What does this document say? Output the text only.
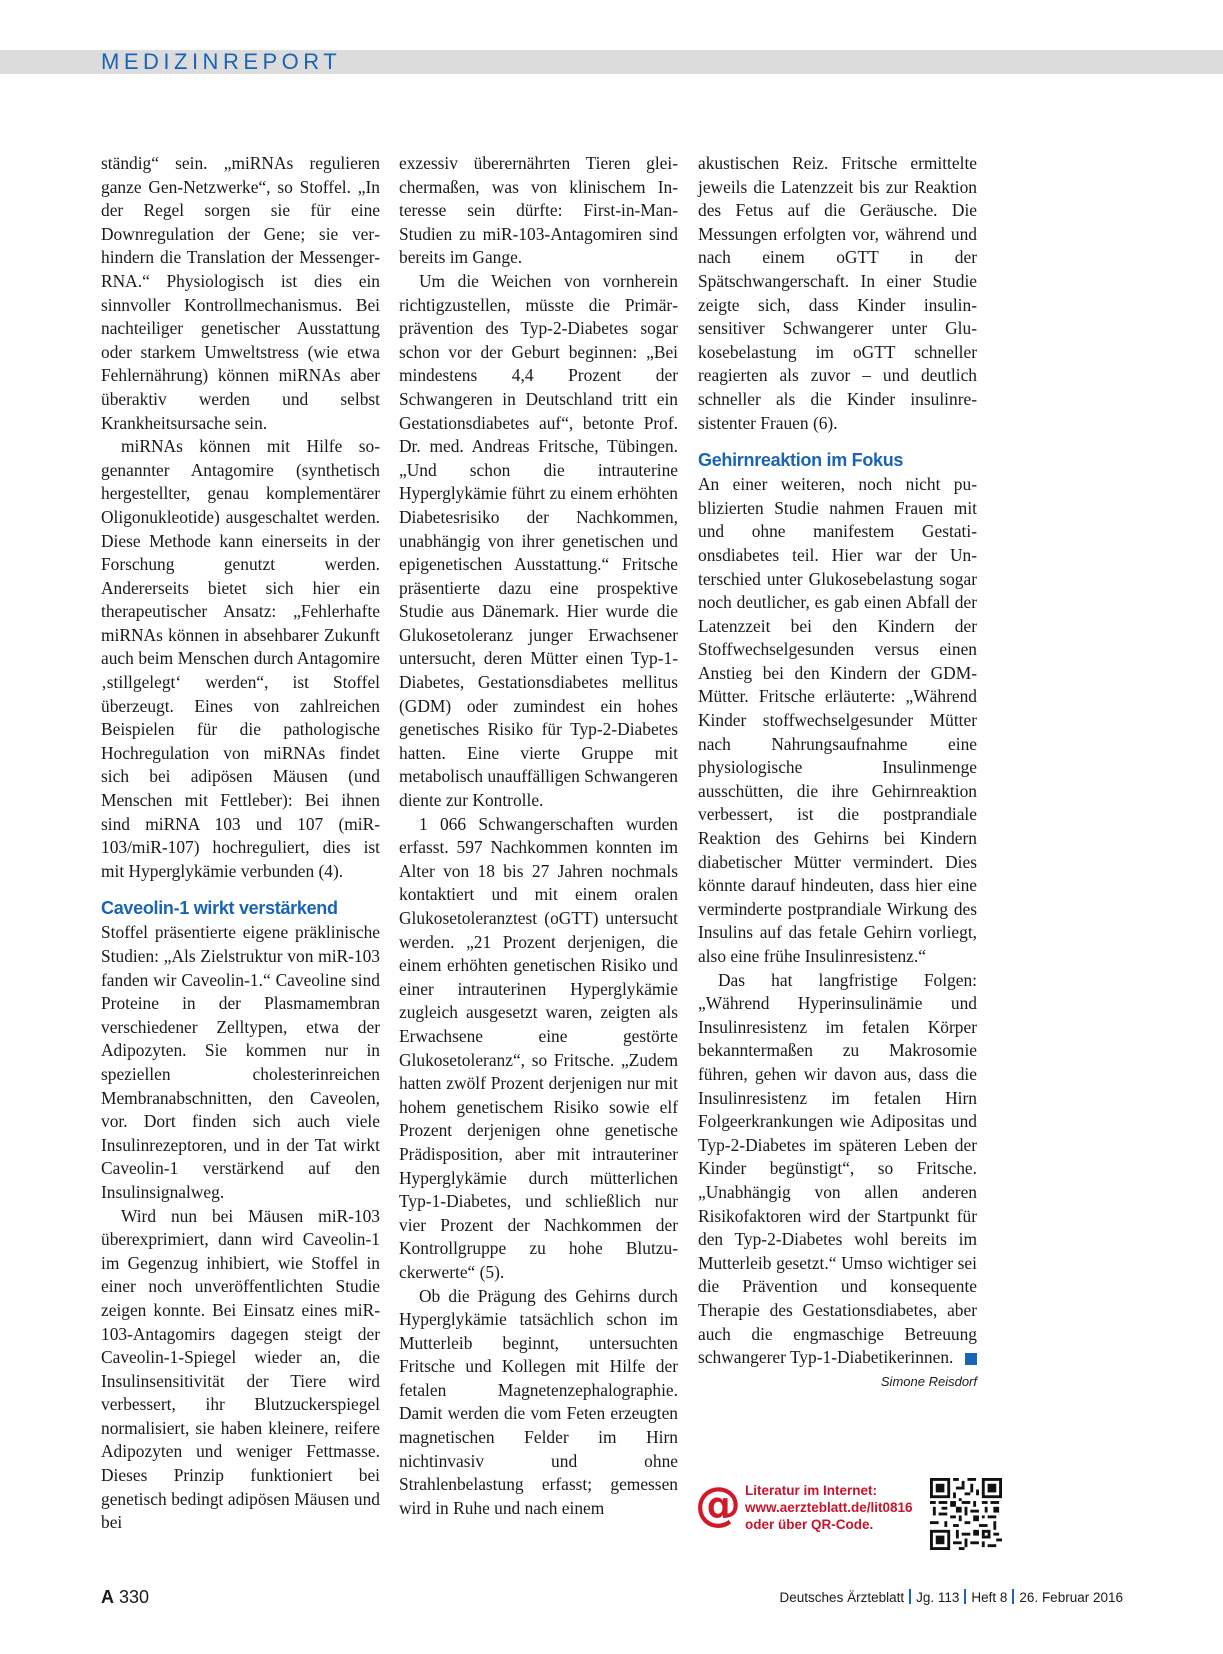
MEDIZINREPORT

ständig“ sein. „miRNAs regulieren ganze Gen-Netzwerke“, so Stoffel. „In der Regel sorgen sie für eine Downregulation der Gene; sie verhindern die Translation der Messenger-RNA.“ Physiologisch ist dies ein sinnvoller Kontrollmechanismus. Bei nachteiliger genetischer Ausstattung oder starkem Umweltstress (wie etwa Fehlernährung) können miRNAs aber überaktiv werden und selbst Krankheitsursache sein.

miRNAs können mit Hilfe sogenannter Antagomire (synthetisch hergestellter, genau komplementärer Oligonukleotide) ausgeschaltet werden. Diese Methode kann einerseits in der Forschung genutzt werden. Andererseits bietet sich hier ein therapeutischer Ansatz: „Fehlerhafte miRNAs können in absehbarer Zukunft auch beim Menschen durch Antagomire ‚stillgelegt‘ werden“, ist Stoffel überzeugt. Eines von zahlreichen Beispielen für die pathologische Hochregulation von miRNAs findet sich bei adipösen Mäusen (und Menschen mit Fettleber): Bei ihnen sind miRNA 103 und 107 (miR-103/miR-107) hochreguliert, dies ist mit Hyperglykämie verbunden (4).

Caveolin-1 wirkt verstärkend

Stoffel präsentierte eigene präklinische Studien: „Als Zielstruktur von miR-103 fanden wir Caveolin-1.“ Caveoline sind Proteine in der Plasmamembran verschiedener Zelltypen, etwa der Adipozyten. Sie kommen nur in speziellen cholesterinreichen Membranabschnitten, den Caveolen, vor. Dort finden sich auch viele Insulinrezeptoren, und in der Tat wirkt Caveolin-1 verstärkend auf den Insulinsignalweg.

Wird nun bei Mäusen miR-103 überexprimiert, dann wird Caveolin-1 im Gegenzug inhibiert, wie Stoffel in einer noch unveröffentlichten Studie zeigen konnte. Bei Einsatz eines miR-103-Antagomirs dagegen steigt der Caveolin-1-Spiegel wieder an, die Insulinsensitivität der Tiere wird verbessert, ihr Blutzuckerspiegel normalisiert, sie haben kleinere, reifere Adipozyten und weniger Fettmasse. Dieses Prinzip funktioniert bei genetisch bedingt adipösen Mäusen und bei

exzessiv überernährten Tieren gleichermaßen, was von klinischem Interesse sein dürfte: First-in-Man-Studien zu miR-103-Antagomiren sind bereits im Gange.

Um die Weichen von vornherein richtigzustellen, müsste die Primärprävention des Typ-2-Diabetes sogar schon vor der Geburt beginnen: „Bei mindestens 4,4 Prozent der Schwangeren in Deutschland tritt ein Gestationsdiabetes auf“, betonte Prof. Dr. med. Andreas Fritsche, Tübingen. „Und schon die intrauterine Hyperglykämie führt zu einem erhöhten Diabetesrisiko der Nachkommen, unabhängig von ihrer genetischen und epigenetischen Ausstattung.“ Fritsche präsentierte dazu eine prospektive Studie aus Dänemark. Hier wurde die Glukosetoleranz junger Erwachsener untersucht, deren Mütter einen Typ-1-Diabetes, Gestationsdiabetes mellitus (GDM) oder zumindest ein hohes genetisches Risiko für Typ-2-Diabetes hatten. Eine vierte Gruppe mit metabolisch unauffälligen Schwangeren diente zur Kontrolle.

1 066 Schwangerschaften wurden erfasst. 597 Nachkommen konnten im Alter von 18 bis 27 Jahren nochmals kontaktiert und mit einem oralen Glukosetoleranztest (oGTT) untersucht werden. „21 Prozent derjenigen, die einem erhöhten genetischen Risiko und einer intrauterinen Hyperglykämie zugleich ausgesetzt waren, zeigten als Erwachsene eine gestörte Glukosetoleranz“, so Fritsche. „Zudem hatten zwölf Prozent derjenigen nur mit hohem genetischem Risiko sowie elf Prozent derjenigen ohne genetische Prädisposition, aber mit intrauteriner Hyperglykämie durch mütterlichen Typ-1-Diabetes, und schließlich nur vier Prozent der Nachkommen der Kontrollgruppe zu hohe Blutzuckerwerte“ (5).

Ob die Prägung des Gehirns durch Hyperglykämie tatsächlich schon im Mutterleib beginnt, untersuchten Fritsche und Kollegen mit Hilfe der fetalen Magnetenzephalographie. Damit werden die vom Feten erzeugten magnetischen Felder im Hirn nichtinvasiv und ohne Strahlenbelastung erfasst; gemessen wird in Ruhe und nach einem

akustischen Reiz. Fritsche ermittelte jeweils die Latenzzeit bis zur Reaktion des Fetus auf die Geräusche. Die Messungen erfolgten vor, während und nach einem oGTT in der Spätschwangerschaft. In einer Studie zeigte sich, dass Kinder insulinsensitiver Schwangerer unter Glukosebelastung im oGTT schneller reagierten als zuvor – und deutlich schneller als die Kinder insulinresistenter Frauen (6).

Gehirnreaktion im Fokus

An einer weiteren, noch nicht publizierten Studie nahmen Frauen mit und ohne manifestem Gestationsdiabetes teil. Hier war der Unterschied unter Glukosebelastung sogar noch deutlicher, es gab einen Abfall der Latenzzeit bei den Kindern der Stoffwechselgesunden versus einen Anstieg bei den Kindern der GDM-Mütter. Fritsche erläuterte: „Während Kinder stoffwechselgesunder Mütter nach Nahrungsaufnahme eine physiologische Insulinmenge ausschütten, die ihre Gehirnreaktion verbessert, ist die postprandiale Reaktion des Gehirns bei Kindern diabetischer Mütter vermindert. Dies könnte darauf hindeuten, dass hier eine verminderte postprandiale Wirkung des Insulins auf das fetale Gehirn vorliegt, also eine frühe Insulinresistenz.“

Das hat langfristige Folgen: „Während Hyperinsulinämie und Insulinresistenz im fetalen Körper bekanntermaßen zu Makrosomie führen, gehen wir davon aus, dass die Insulinresistenz im fetalen Hirn Folgeerkrankungen wie Adipositas und Typ-2-Diabetes im späteren Leben der Kinder begünstigt“, so Fritsche. „Unabhängig von allen anderen Risikofaktoren wird der Startpunkt für den Typ-2-Diabetes wohl bereits im Mutterleib gesetzt.“ Umso wichtiger sei die Prävention und konsequente Therapie des Gestationsdiabetes, aber auch die engmaschige Betreuung schwangerer Typ-1-Diabetikerinnen.

Simone Reisdorf
@ Literatur im Internet:
www.aerzteblatt.de/lit0816
oder über QR-Code.
A 330	Deutsches Ärzteblatt Jg. 113 Heft 8 26. Februar 2016
